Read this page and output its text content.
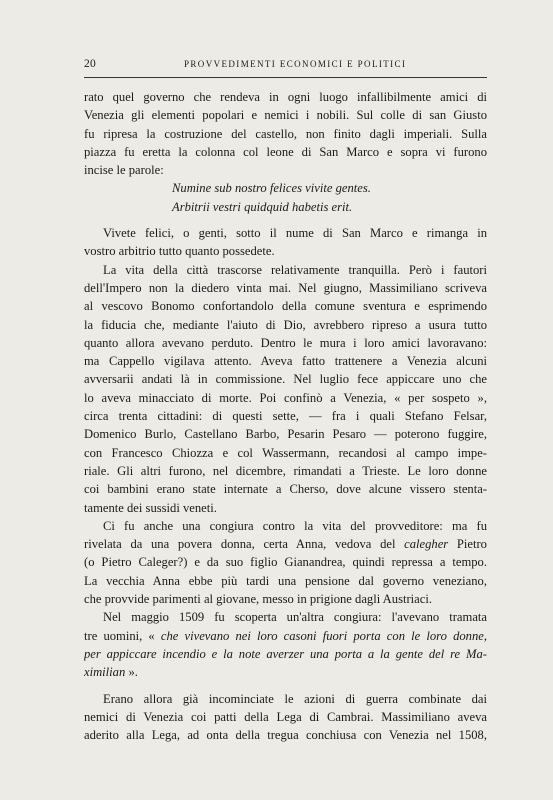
20	PROVVEDIMENTI ECONOMICI E POLITICI

rato quel governo che rendeva in ogni luogo infallibilmente amici di
Venezia gli elementi popolari e nemici i nobili. Sul colle di san Giusto
fu ripresa la costruzione del castello, non finito dagli imperiali. Sulla
piazza fu eretta la colonna col leone di San Marco e sopra vi furono
incise le parole:

Numine sub nostro felices vivite gentes.
Arbitrii vestri quidquid habetis erit.

Vivete felici, o genti, sotto il nume di San Marco e rimanga in
vostro arbitrio tutto quanto possedete.

La vita della città trascorse relativamente tranquilla. Però i fautori
dell'Impero non la diedero vinta mai. Nel giugno, Massimiliano scriveva
al vescovo Bonomo confortandolo della comune sventura e esprimendo
la fiducia che, mediante l'aiuto di Dio, avrebbero ripreso a usura tutto
quanto allora avevano perduto. Dentro le mura i loro amici lavoravano:
ma Cappello vigilava attento. Aveva fatto trattenere a Venezia alcuni
avversarii andati là in commissione. Nel luglio fece appiccare uno che
lo aveva minacciato di morte. Poi confinò a Venezia, « per sospeto »,
circa trenta cittadini: di questi sette, — fra i quali Stefano Felsar,
Domenico Burlo, Castellano Barbo, Pesarin Pesaro — poterono fuggire,
con Francesco Chiozza e col Wassermann, recandosi al campo impe-
riale. Gli altri furono, nel dicembre, rimandati a Trieste. Le loro donne
coi bambini erano state internate a Cherso, dove alcune vissero stenta-
tamente dei sussidi veneti.

Ci fu anche una congiura contro la vita del provveditore: ma fu
rivelata da una povera donna, certa Anna, vedova del calegher Pietro
(o Pietro Caleger?) e da suo figlio Gianandrea, quindi repressa a tempo.
La vecchia Anna ebbe più tardi una pensione dal governo veneziano,
che provvide parimenti al giovane, messo in prigione dagli Austriaci.

Nel maggio 1509 fu scoperta un'altra congiura: l'avevano tramata
tre uomini, « che vivevano nei loro casoni fuori porta con le loro donne,
per appiccare incendio e la note averzer una porta a la gente del re Ma-
ximilian ».

Erano allora già incominciate le azioni di guerra combinate dai
nemici di Venezia coi patti della Lega di Cambrai. Massimiliano aveva
aderito alla Lega, ad onta della tregua conchiusa con Venezia nel 1508,
